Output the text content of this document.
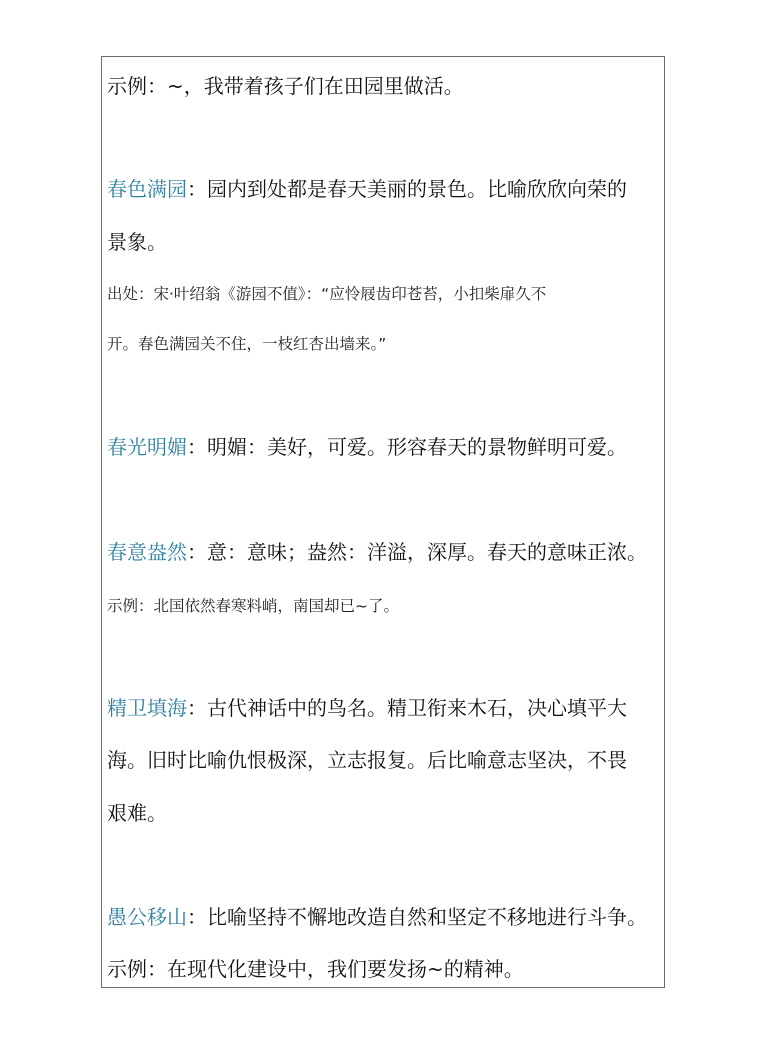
示例：~，我带着孩子们在田园里做活。
春色满园：园内到处都是春天美丽的景色。比喻欣欣向荣的
景象。
出处：宋·叶绍翁《游园不值》：“应怜屐齿印苍苔，小扣柴扉久不
开。春色满园关不住，一枝红杏出墙来。”
春光明媚：明媚：美好，可爱。形容春天的景物鲜明可爱。
春意盎然：意：意味；盎然：洋溢，深厚。春天的意味正浓。
示例：北国依然春寒料峭，南国却已~了。
精卫填海：古代神话中的鸟名。精卫衔来木石，决心填平大
海。旧时比喻仇恨极深，立志报复。后比喻意志坚决，不畏
艰难。
愚公移山：比喻坚持不懈地改造自然和坚定不移地进行斗争。
示例：在现代化建设中，我们要发扬~的精神。
